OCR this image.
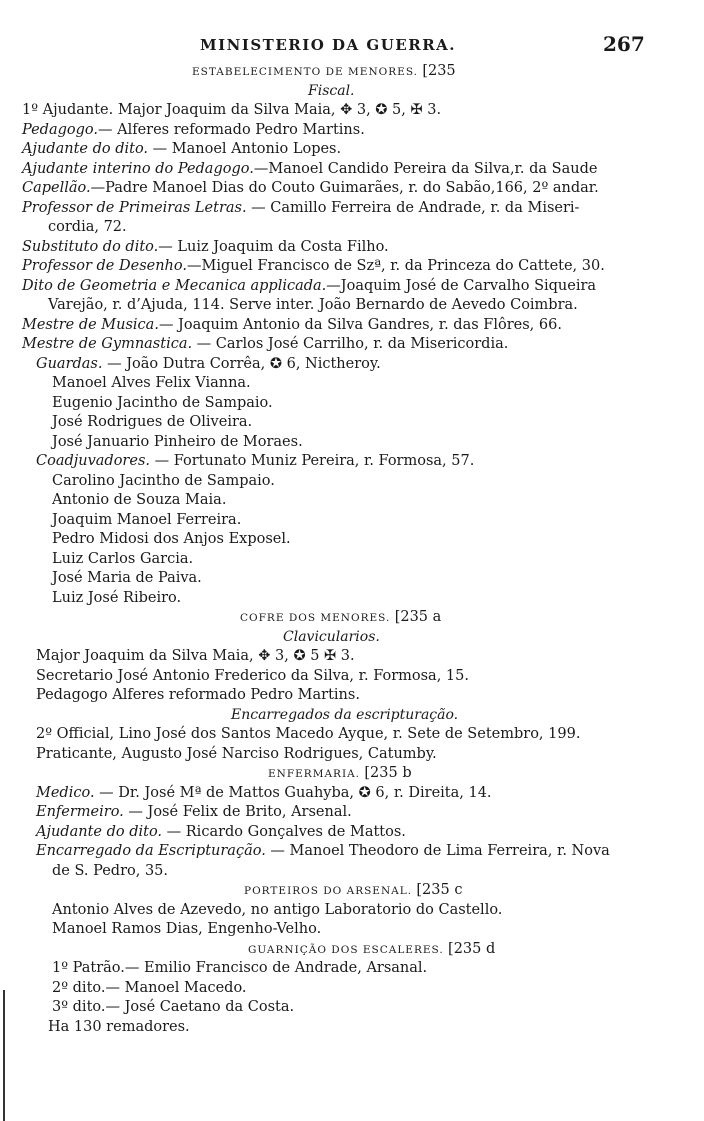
MINISTERIO DA GUERRA.	267
ESTABELECIMENTO DE MENORES. [235
Fiscal.
1º Ajudante. Major Joaquim da Silva Maia, ✥ 3, ✪ 5, ✠ 3.
Pedagogo.— Alferes reformado Pedro Martins.
Ajudante do dito. — Manoel Antonio Lopes.
Ajudante interino do Pedagogo.—Manoel Candido Pereira da Silva,r. da Saude
Capellão.—Padre Manoel Dias do Couto Guimarães, r. do Sabão,166, 2º andar.
Professor de Primeiras Letras. — Camillo Ferreira de Andrade, r. da Miseri-
cordia, 72.
Substituto do dito.— Luiz Joaquim da Costa Filho.
Professor de Desenho.—Miguel Francisco de Szª, r. da Princeza do Cattete, 30.
Dito de Geometria e Mecanica applicada.—Joaquim José de Carvalho Siqueira
Varejão, r. d’Ajuda, 114. Serve inter. João Bernardo de Aevedo Coimbra.
Mestre de Musica.— Joaquim Antonio da Silva Gandres, r. das Flôres, 66.
Mestre de Gymnastica. — Carlos José Carrilho, r. da Misericordia.
Guardas. — João Dutra Corrêa, ✪ 6, Nictheroy.
Manoel Alves Felix Vianna.
Eugenio Jacintho de Sampaio.
José Rodrigues de Oliveira.
José Januario Pinheiro de Moraes.
Coadjuvadores. — Fortunato Muniz Pereira, r. Formosa, 57.
Carolino Jacintho de Sampaio.
Antonio de Souza Maia.
Joaquim Manoel Ferreira.
Pedro Midosi dos Anjos Exposel.
Luiz Carlos Garcia.
José Maria de Paiva.
Luiz José Ribeiro.
COFRE DOS MENORES. [235 a
Clavicularios.
Major Joaquim da Silva Maia, ✥ 3, ✪ 5 ✠ 3.
Secretario José Antonio Frederico da Silva, r. Formosa, 15.
Pedagogo Alferes reformado Pedro Martins.
Encarregados da escripturação.
2º Official, Lino José dos Santos Macedo Ayque, r. Sete de Setembro, 199.
Praticante, Augusto José Narciso Rodrigues, Catumby.
ENFERMARIA. [235 b
Medico. — Dr. José Mª de Mattos Guahyba, ✪ 6, r. Direita, 14.
Enfermeiro. — José Felix de Brito, Arsenal.
Ajudante do dito. — Ricardo Gonçalves de Mattos.
Encarregado da Escripturação. — Manoel Theodoro de Lima Ferreira, r. Nova
de S. Pedro, 35.
PORTEIROS DO ARSENAL. [235 c
Antonio Alves de Azevedo, no antigo Laboratorio do Castello.
Manoel Ramos Dias, Engenho-Velho.
GUARNIÇÃO DOS ESCALERES. [235 d
1º Patrão.— Emilio Francisco de Andrade, Arsanal.
2º dito.— Manoel Macedo.
3º dito.— José Caetano da Costa.
Ha 130 remadores.
